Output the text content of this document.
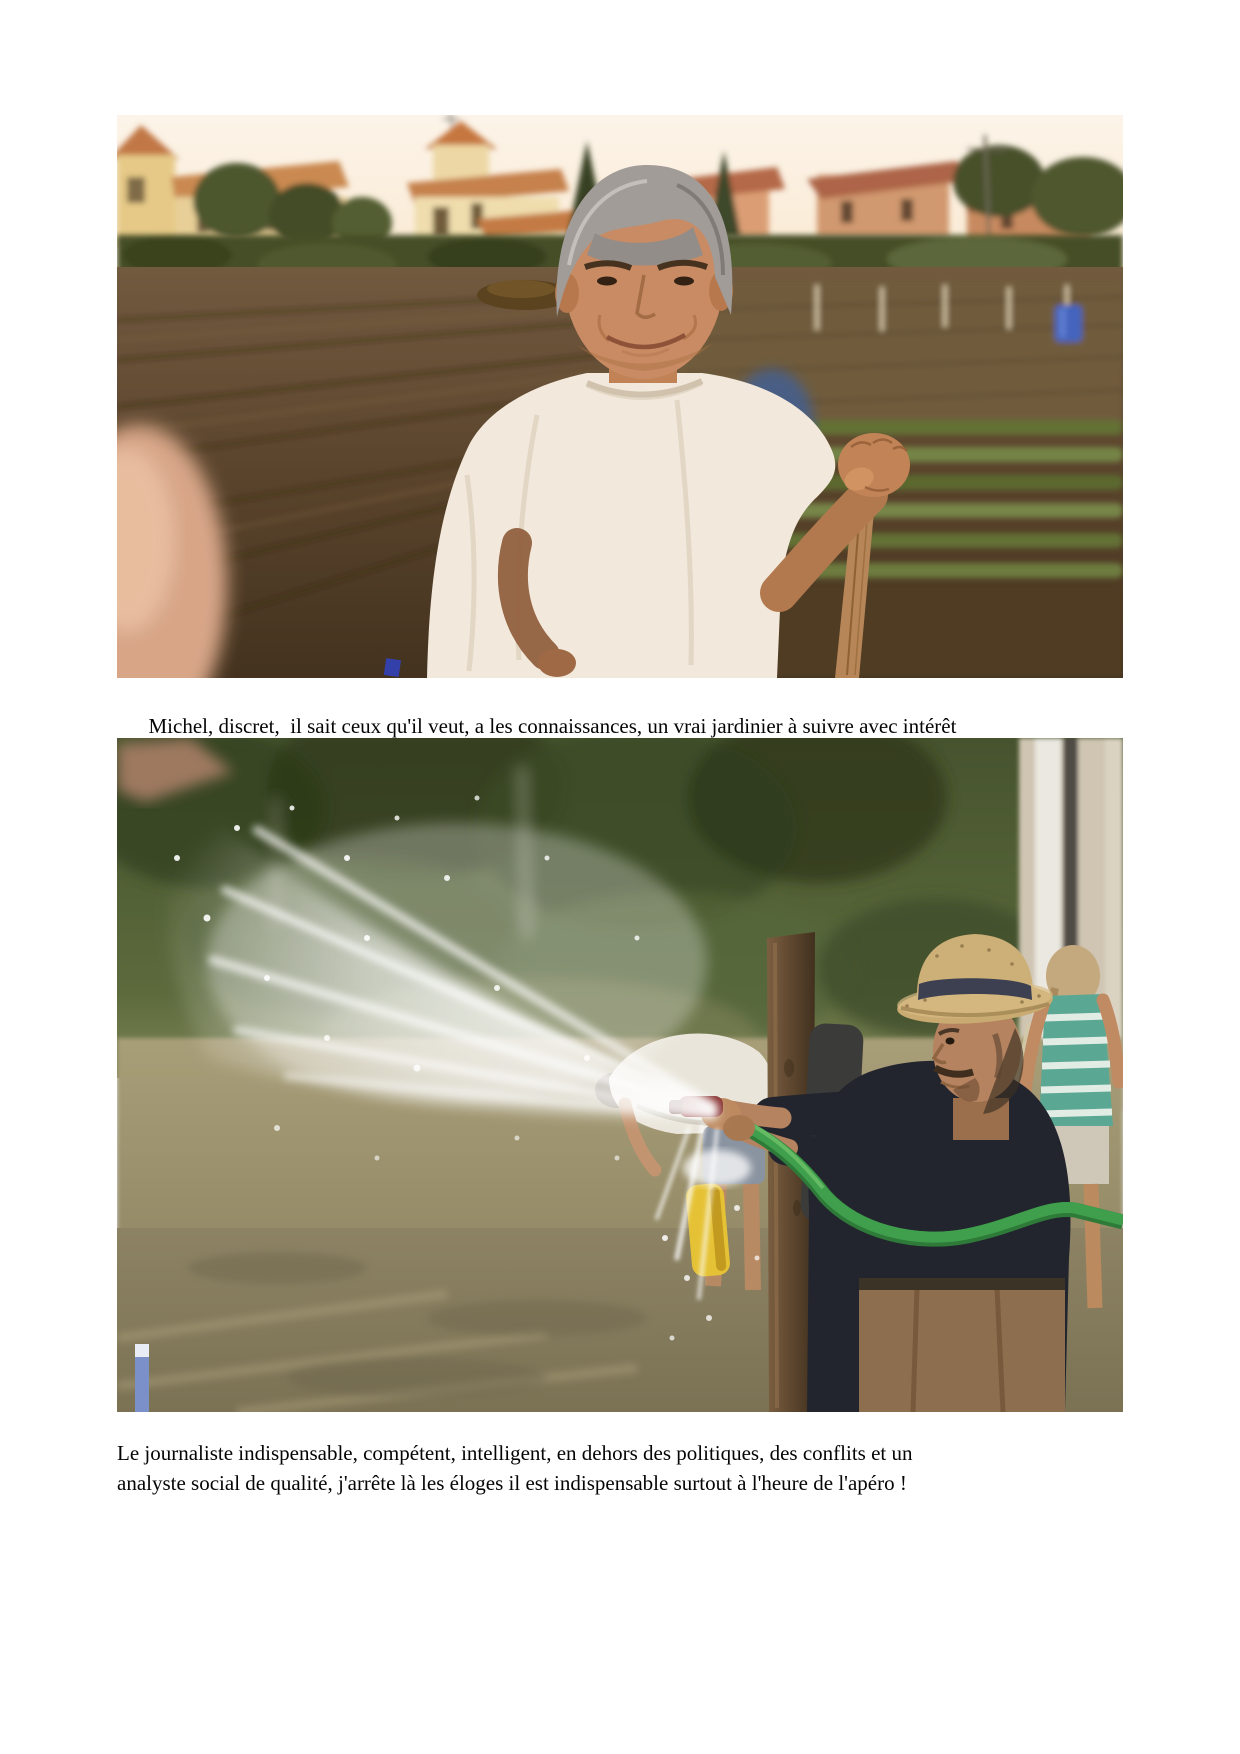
Michel, discret,  il sait ceux qu'il veut, a les connaissances, un vrai jardinier à suivre avec intérêt

Le journaliste indispensable, compétent, intelligent, en dehors des politiques, des conflits et un
analyste social de qualité, j'arrête là les éloges il est indispensable surtout à l'heure de l'apéro !
